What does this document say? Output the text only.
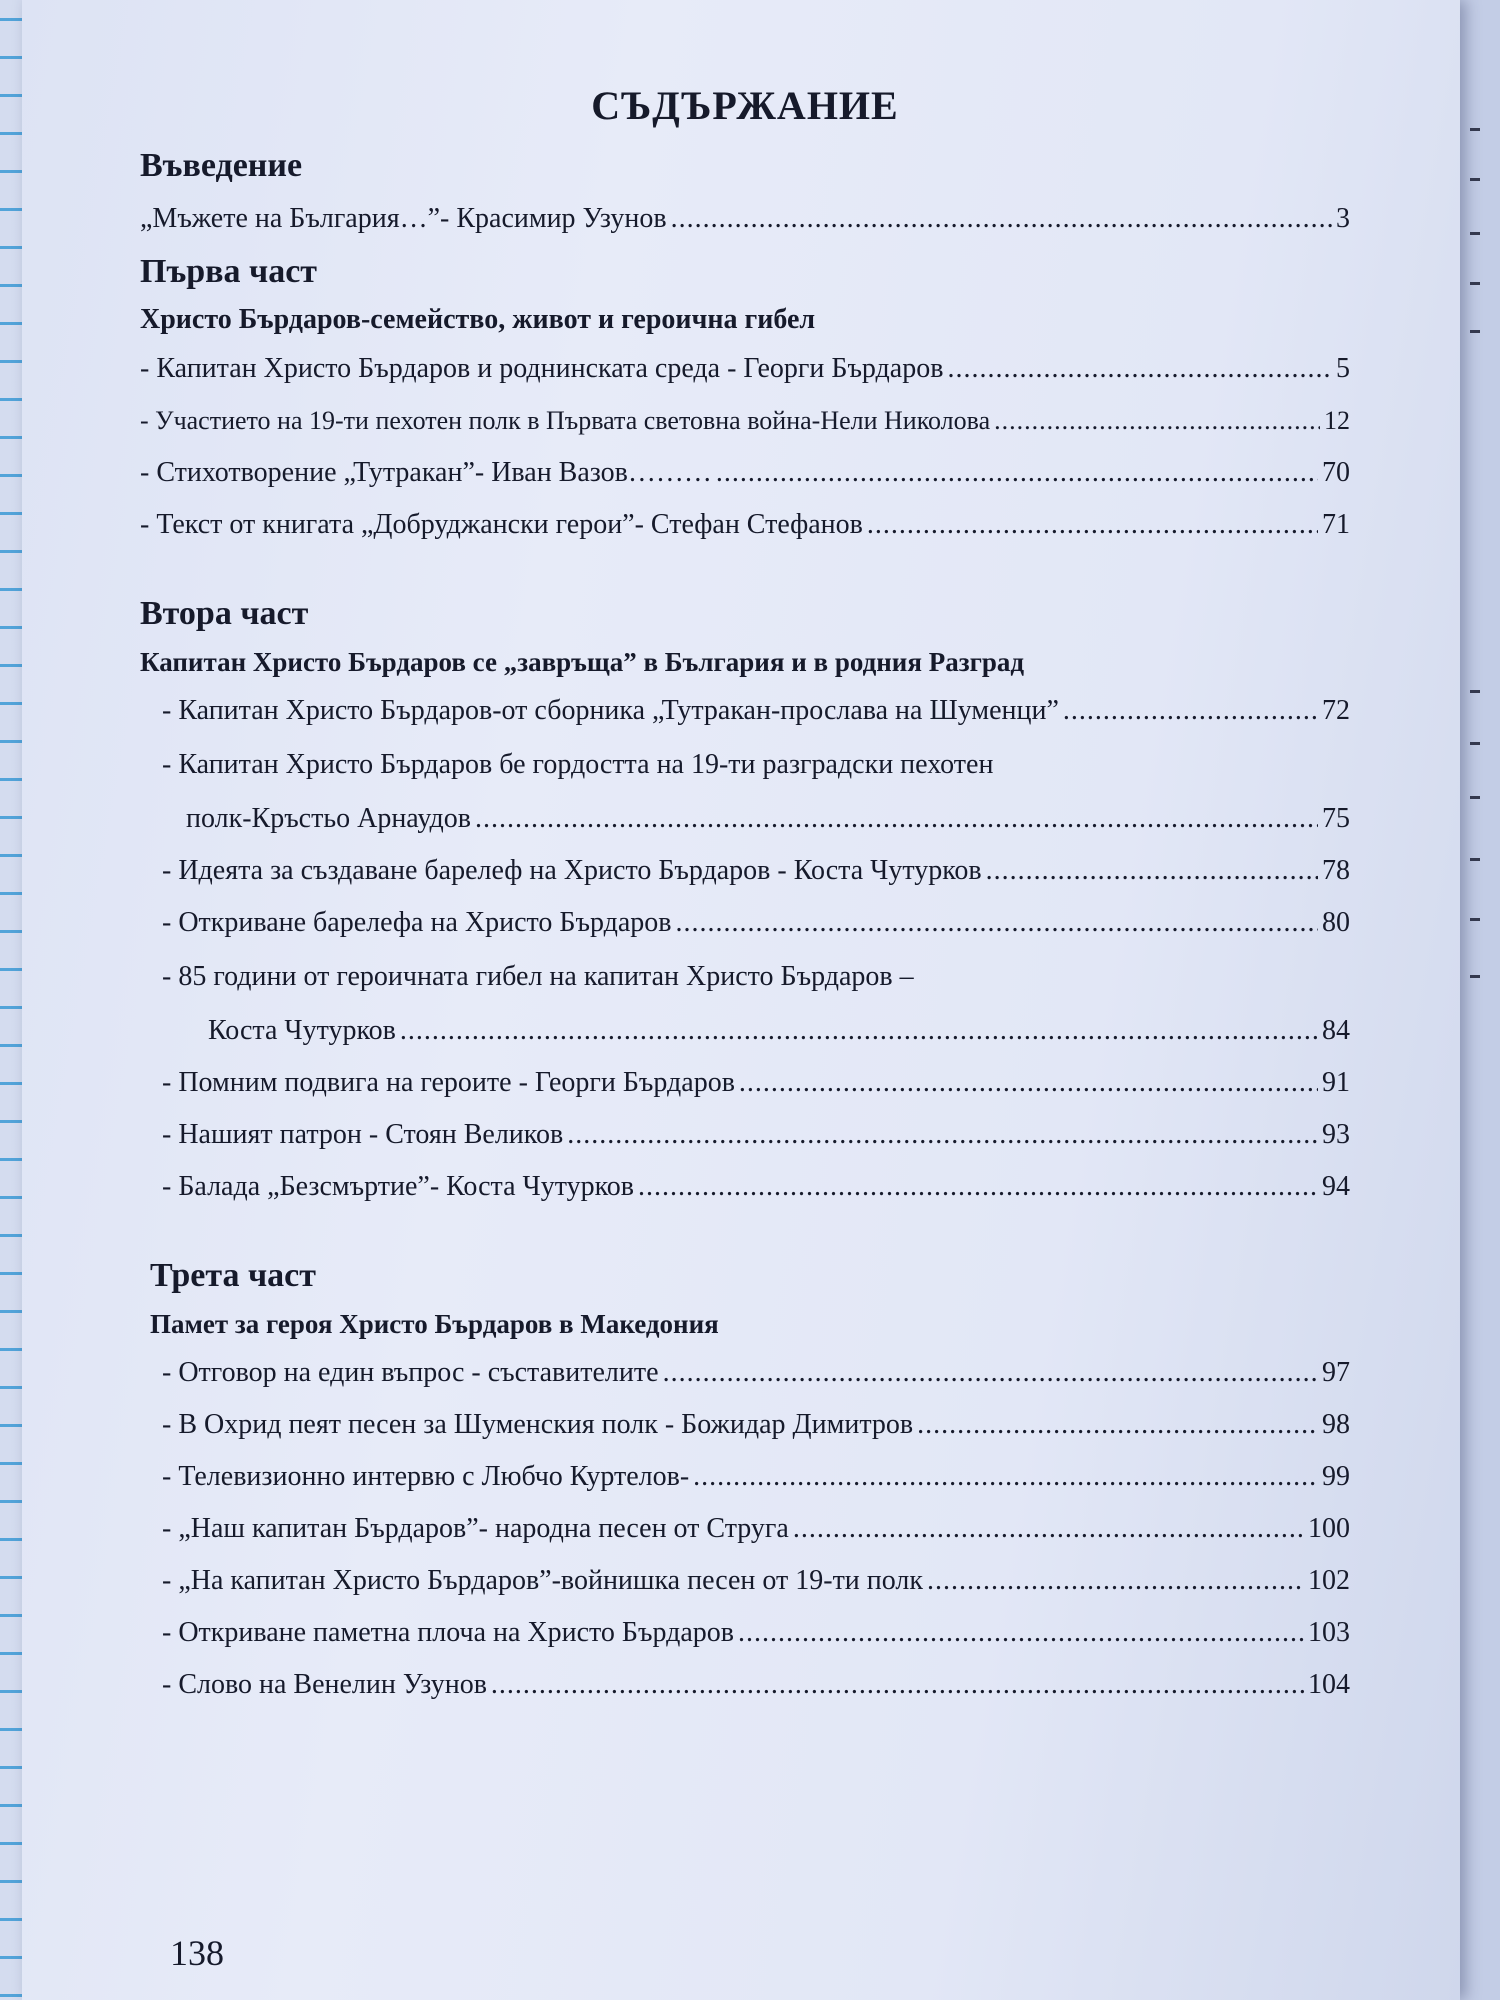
СЪДЪРЖАНИЕ
Въведение
„Мъжете на България…”- Красимир Узунов .....	3
Първа част
Христо Бърдаров-семейство, живот и героична гибел
- Капитан Христо Бърдаров и роднинската среда - Георги Бърдаров .....	5
- Участието на 19-ти пехотен полк в Първата световна война-Нели Николова .....	12
- Стихотворение „Тутракан”- Иван Вазов……… .....	70
- Текст от книгата „Добруджански герои”- Стефан Стефанов .....	71
Втора част
Капитан Христо Бърдаров се „завръща” в България и в родния Разград
- Капитан Христо Бърдаров-от сборника „Тутракан-прослава на Шуменци” .....	72
- Капитан Христо Бърдаров бе гордостта на 19-ти разградски пехотен
полк-Кръстьо Арнаудов .....	75
- Идеята за създаване барелеф на Христо Бърдаров - Коста Чутурков .....	78
- Откриване барелефа на Христо Бърдаров .....	80
- 85 години от героичната гибел на капитан Христо Бърдаров –
Коста Чутурков .....	84
- Помним подвига на героите - Георги Бърдаров .....	91
- Нашият патрон - Стоян Великов .....	93
- Балада „Безсмъртие”- Коста Чутурков .....	94
Трета част
Памет за героя Христо Бърдаров в Македония
- Отговор на един въпрос - съставителите .....	97
- В Охрид пеят песен за Шуменския полк - Божидар Димитров .....	98
- Телевизионно интервю с Любчо Куртелов- .....	99
- „Наш капитан Бърдаров”- народна песен от Струга .....	100
- „На капитан Христо Бърдаров”-войнишка песен от 19-ти полк .....	102
- Откриване паметна плоча на Христо Бърдаров .....	103
- Слово на Венелин Узунов .....	104
138
